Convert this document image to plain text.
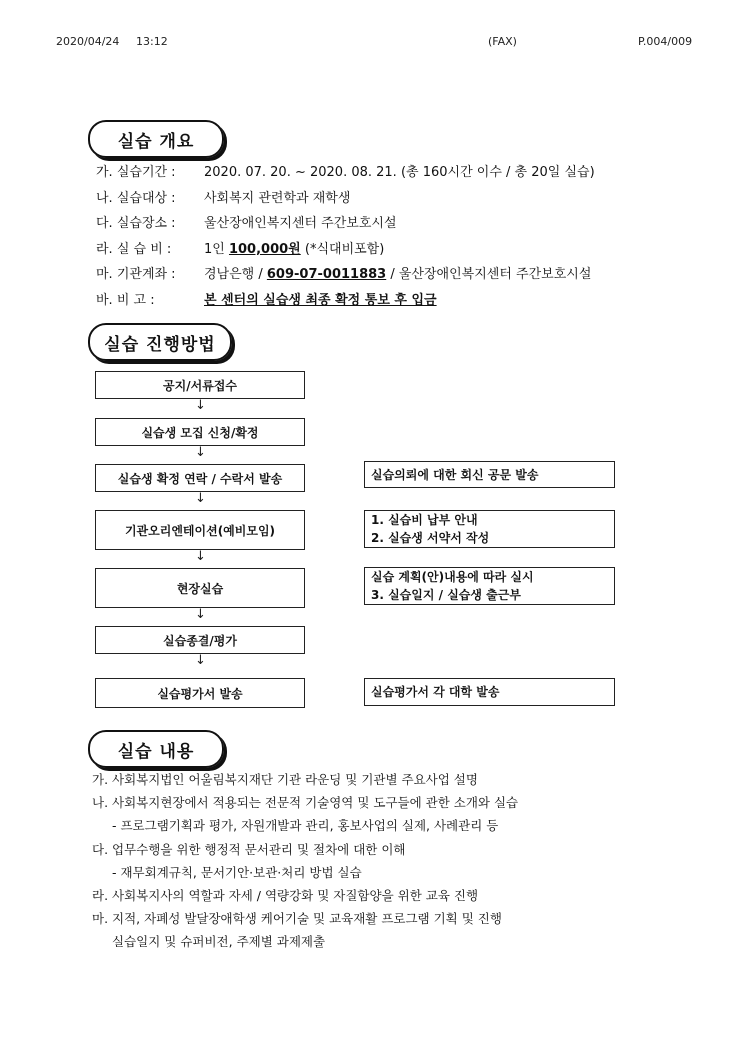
2020/04/24 13:12	(FAX)	P.004/009
실습 개요
가. 실습기간 : 2020. 07. 20. ~ 2020. 08. 21. (총 160시간 이수 / 총 20일 실습)
나. 실습대상 : 사회복지 관련학과 재학생
다. 실습장소 : 울산장애인복지센터 주간보호시설
라. 실 습 비 :	1인 100,000원 (*식대비포함)
마. 기관계좌 : 경남은행 / 609-07-0011883 / 울산장애인복지센터 주간보호시설
바. 비 고 :	본 센터의 실습생 최종 확정 통보 후 입금
실습 진행방법
공지/서류접수
↓
실습생 모집 신청/확정
↓
실습생 확정 연락 / 수락서 발송
↓
기관오리엔테이션(예비모임)
↓
현장실습
↓
실습종결/평가
↓
실습평가서 발송
실습의뢰에 대한 회신 공문 발송
1. 실습비 납부 안내
2. 실습생 서약서 작성
실습 계획(안)내용에 따라 실시
3. 실습일지 / 실습생 출근부
실습평가서 각 대학 발송
실습 내용
가. 사회복지법인 어울림복지재단 기관 라운딩 및 기관별 주요사업 설명
나. 사회복지현장에서 적용되는 전문적 기술영역 및 도구들에 관한 소개와 실습
- 프로그램기획과 평가, 자원개발과 관리, 홍보사업의 실제, 사례관리 등
다. 업무수행을 위한 행정적 문서관리 및 절차에 대한 이해
- 재무회계규칙, 문서기안·보관·처리 방법 실습
라. 사회복지사의 역할과 자세 / 역량강화 및 자질함양을 위한 교육 진행
마. 지적, 자폐성 발달장애학생 케어기술 및 교육재활 프로그램 기획 및 진행
실습일지 및 슈퍼비전, 주제별 과제제출
